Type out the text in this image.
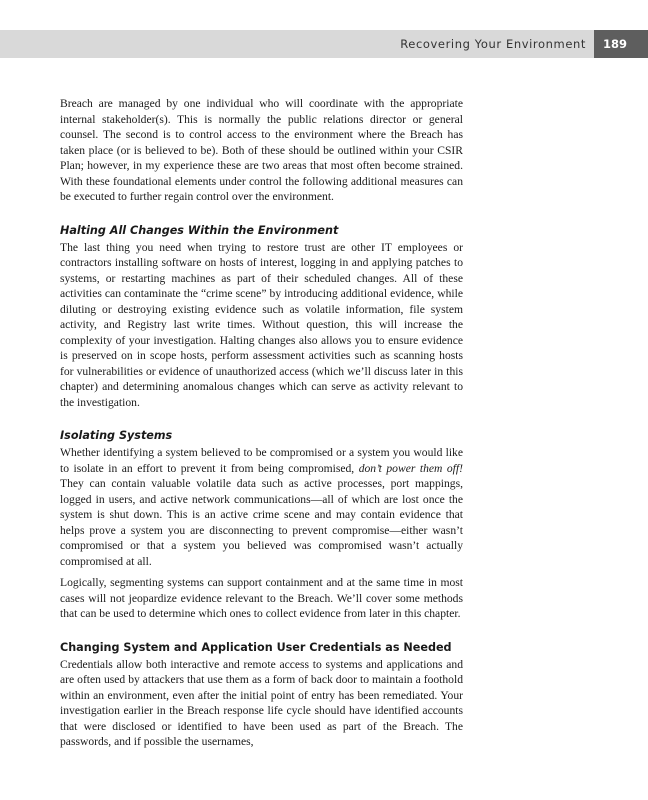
Recovering Your Environment	189

Breach are managed by one individual who will coordinate with the appropriate internal stakeholder(s). This is normally the public relations director or general counsel. The second is to control access to the environment where the Breach has taken place (or is believed to be). Both of these should be outlined within your CSIR Plan; however, in my experience these are two areas that most often become strained. With these foundational elements under control the following additional measures can be executed to further regain control over the environment.

Halting All Changes Within the Environment

The last thing you need when trying to restore trust are other IT employees or contractors installing software on hosts of interest, logging in and applying patches to systems, or restarting machines as part of their scheduled changes. All of these activities can contaminate the “crime scene” by introducing additional evidence, while diluting or destroying existing evidence such as volatile information, file system activity, and Registry last write times. Without question, this will increase the complexity of your investigation. Halting changes also allows you to ensure evidence is preserved on in scope hosts, perform assessment activities such as scanning hosts for vulnerabilities or evidence of unauthorized access (which we’ll discuss later in this chapter) and determining anomalous changes which can serve as activity relevant to the investigation.

Isolating Systems

Whether identifying a system believed to be compromised or a system you would like to isolate in an effort to prevent it from being compromised, don’t power them off! They can contain valuable volatile data such as active processes, port mappings, logged in users, and active network communications—all of which are lost once the system is shut down. This is an active crime scene and may contain evidence that helps prove a system you are disconnecting to prevent compromise—either wasn’t compromised or that a system you believed was compromised wasn’t actually compromised at all.

Logically, segmenting systems can support containment and at the same time in most cases will not jeopardize evidence relevant to the Breach. We’ll cover some methods that can be used to determine which ones to collect evidence from later in this chapter.

Changing System and Application User Credentials as Needed

Credentials allow both interactive and remote access to systems and applications and are often used by attackers that use them as a form of back door to maintain a foothold within an environment, even after the initial point of entry has been remediated. Your investigation earlier in the Breach response life cycle should have identified accounts that were disclosed or identified to have been used as part of the Breach. The passwords, and if possible the usernames,
